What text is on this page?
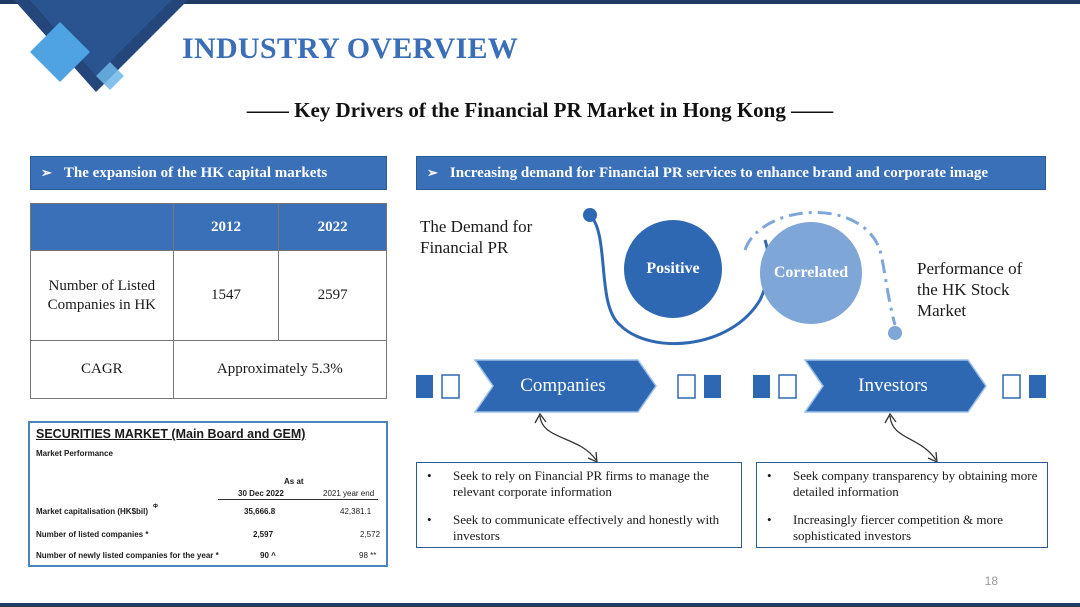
INDUSTRY OVERVIEW
—— Key Drivers of the Financial PR Market in Hong Kong ——
➢ The expansion of the HK capital markets
	2012	2022
Number of Listed Companies in HK	1547	2597
CAGR	Approximately 5.3%	
SECURITIES MARKET (Main Board and GEM)
Market Performance
As at
30 Dec 2022	2021 year end
Market capitalisation (HK$bil) Φ	35,666.8	42,381.1
Number of listed companies *	2,597	2,572
Number of newly listed companies for the year *	90 ^	98 **
➢ Increasing demand for Financial PR services to enhance brand and corporate image
Positive	Correlated
The Demand for Financial PR
Performance of the HK Stock Market
Companies	Investors
•	Seek to rely on Financial PR firms to manage the relevant corporate information
•	Seek to communicate effectively and honestly with investors
•	Seek company transparency by obtaining more detailed information
•	Increasingly fiercer competition & more sophisticated investors
18
